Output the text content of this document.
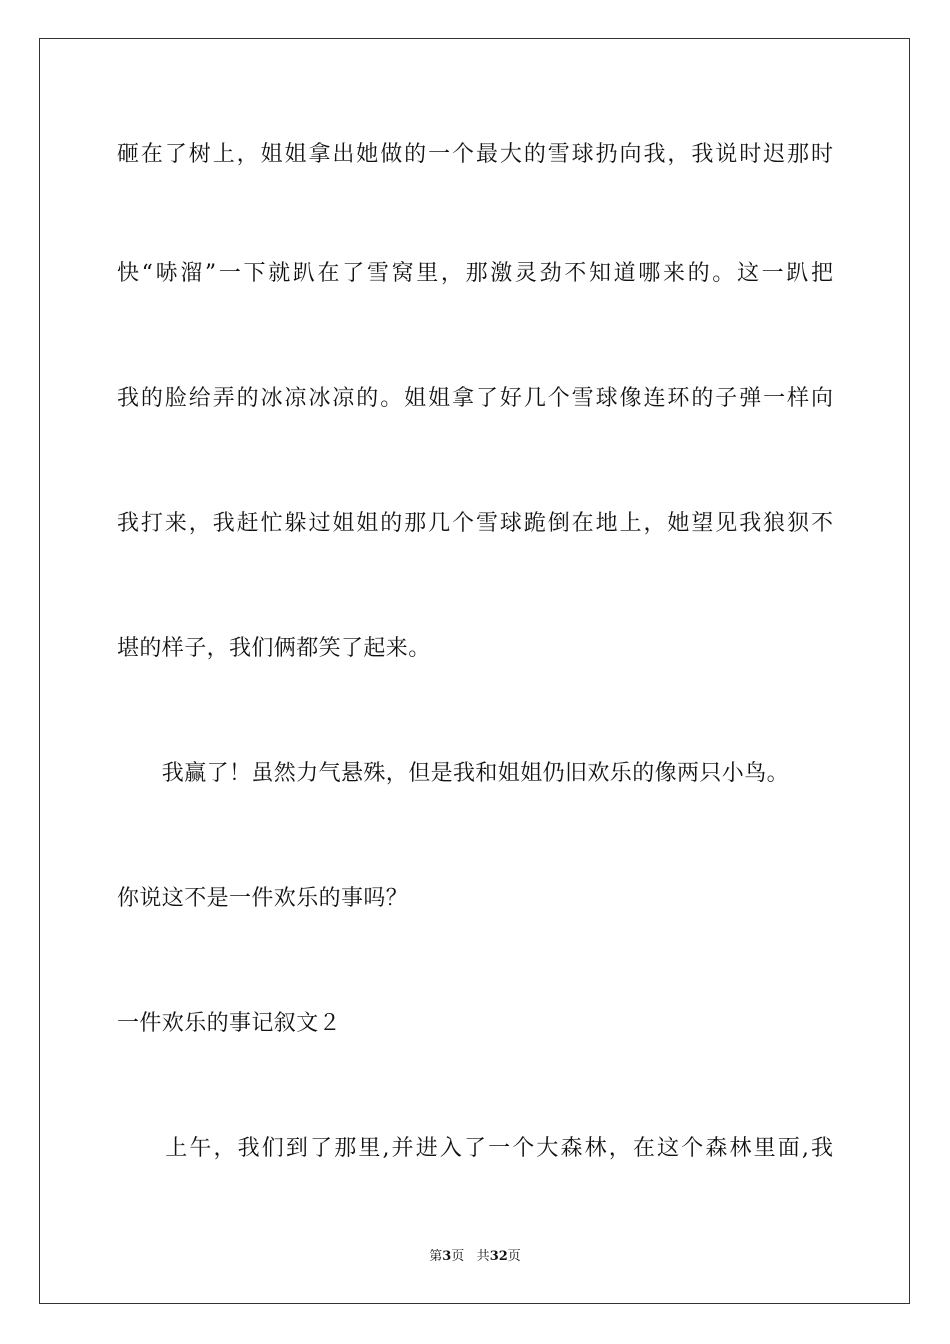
砸在了树上，姐姐拿出她做的一个最大的雪球扔向我，我说时迟那时
快“哧溜”一下就趴在了雪窝里，那激灵劲不知道哪来的。这一趴把
我的脸给弄的冰凉冰凉的。姐姐拿了好几个雪球像连环的子弹一样向
我打来，我赶忙躲过姐姐的那几个雪球跪倒在地上，她望见我狼狈不
堪的样子，我们俩都笑了起来。
　　我赢了！虽然力气悬殊，但是我和姐姐仍旧欢乐的像两只小鸟。
你说这不是一件欢乐的事吗？
一件欢乐的事记叙文２
　　上午，我们到了那里,并进入了一个大森林，在这个森林里面,我
第3页 共32页
